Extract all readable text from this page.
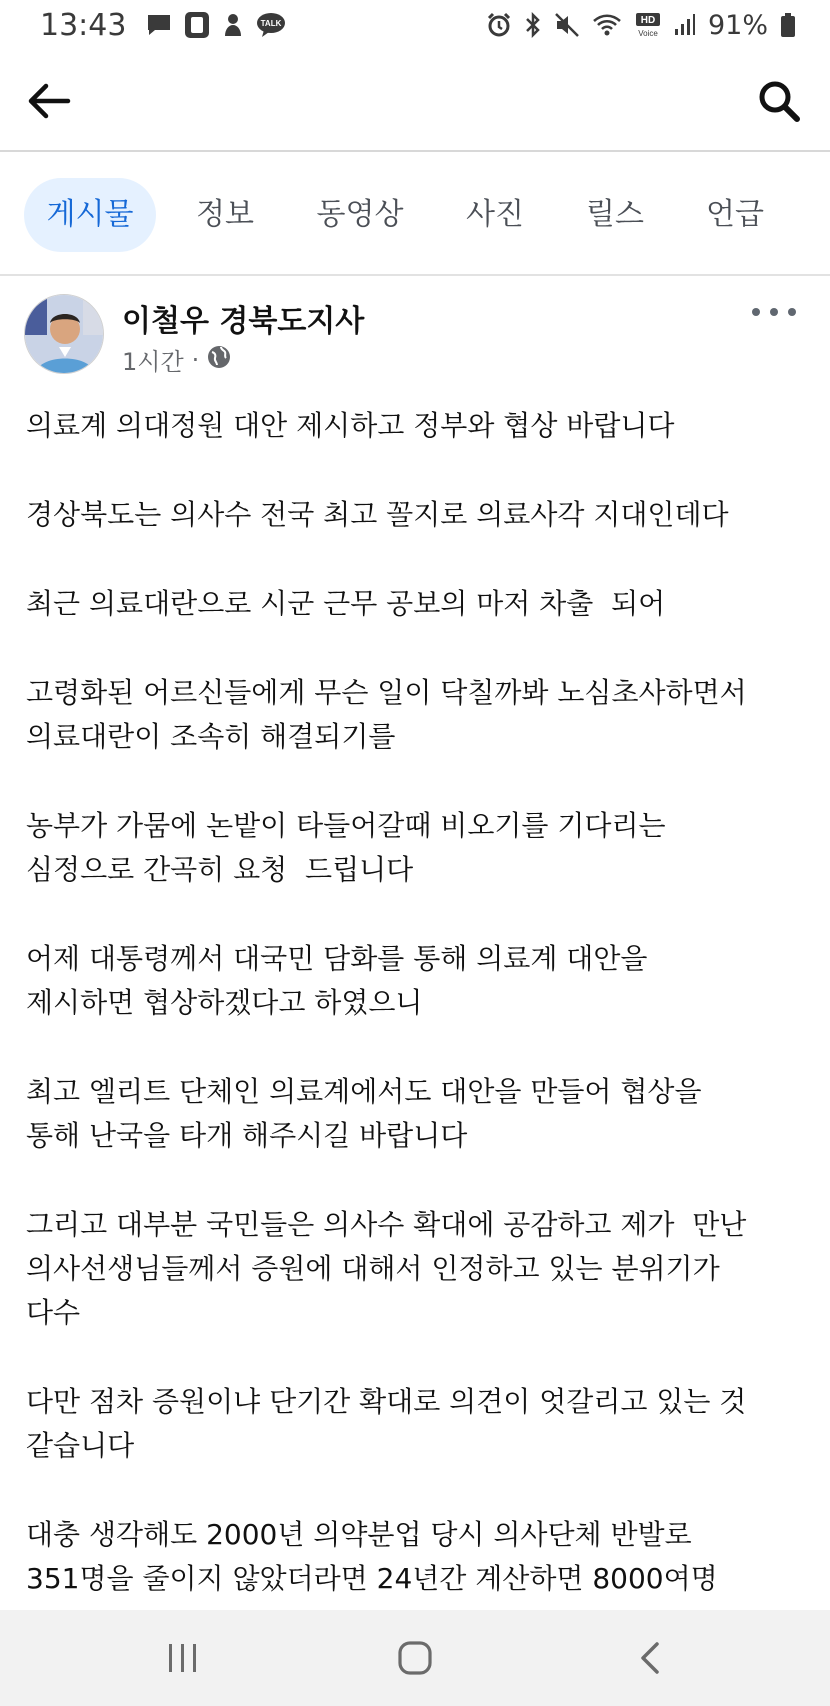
13:43	TALK	HD
Voice 91%
게시물	정보	동영상	사진	릴스	언급
이철우 경북도지사
1시간 ·

의료계 의대정원 대안 제시하고 정부와 협상 바랍니다

경상북도는 의사수 전국 최고 꼴지로 의료사각 지대인데다

최근 의료대란으로 시군 근무 공보의 마저 차출  되어

고령화된 어르신들에게 무슨 일이 닥칠까봐 노심초사하면서
의료대란이 조속히 해결되기를

농부가 가뭄에 논밭이 타들어갈때 비오기를 기다리는
심정으로 간곡히 요청  드립니다

어제 대통령께서 대국민 담화를 통해 의료계 대안을
제시하면 협상하겠다고 하였으니

최고 엘리트 단체인 의료계에서도 대안을 만들어 협상을
통해 난국을 타개 해주시길 바랍니다

그리고 대부분 국민들은 의사수 확대에 공감하고 제가  만난
의사선생님들께서 증원에 대해서 인정하고 있는 분위기가
다수

다만 점차 증원이냐 단기간 확대로 의견이 엇갈리고 있는 것
같습니다

대충 생각해도 2000년 의약분업 당시 의사단체 반발로
351명을 줄이지 않았더라면 24년간 계산하면 8000여명
